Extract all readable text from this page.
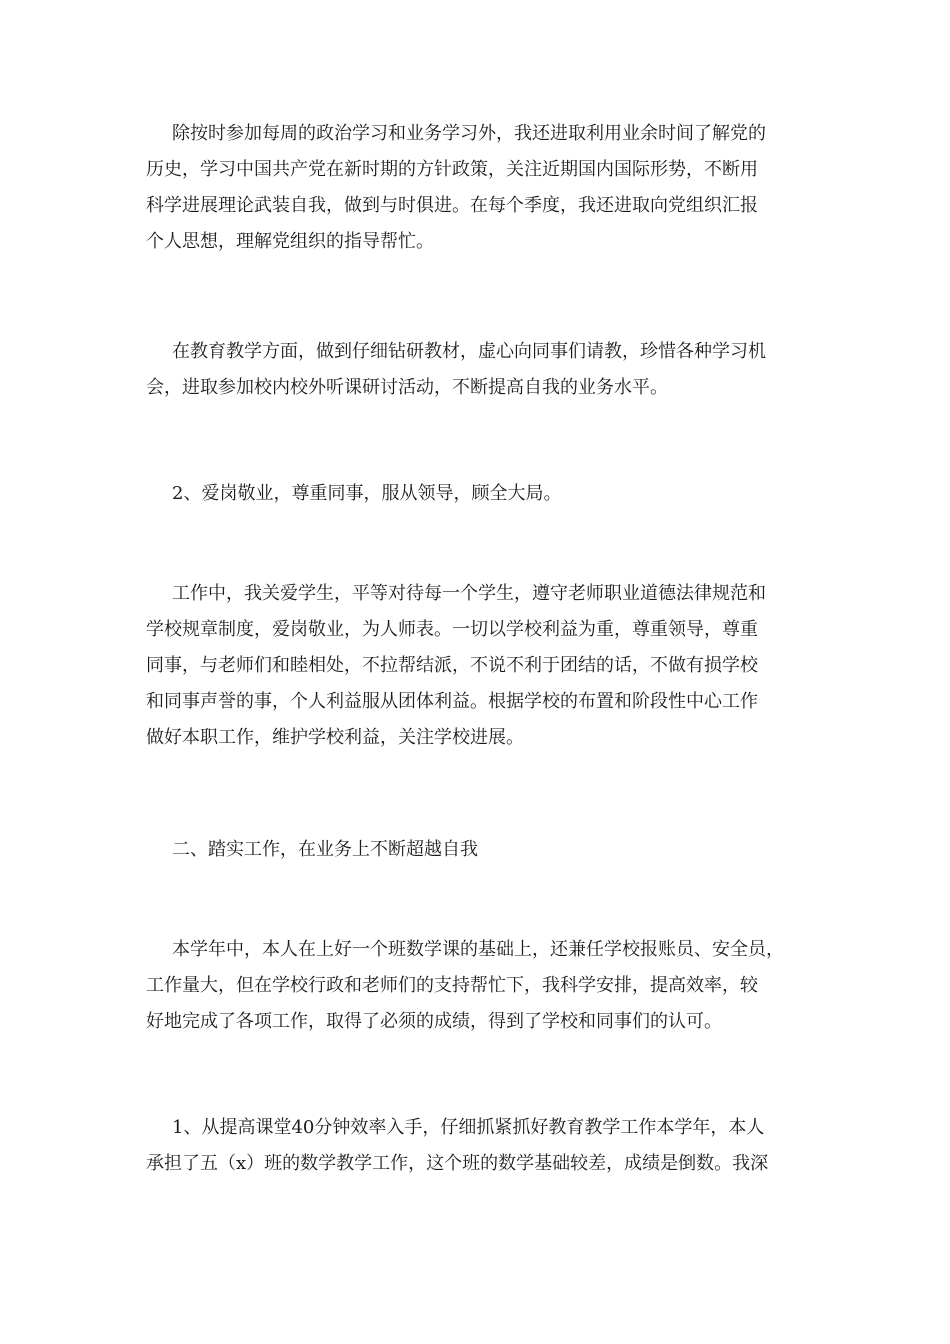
除按时参加每周的政治学习和业务学习外，我还进取利用业余时间了解党的
历史，学习中国共产党在新时期的方针政策，关注近期国内国际形势，不断用
科学进展理论武装自我，做到与时俱进。在每个季度，我还进取向党组织汇报
个人思想，理解党组织的指导帮忙。
在教育教学方面，做到仔细钻研教材，虚心向同事们请教，珍惜各种学习机
会，进取参加校内校外听课研讨活动，不断提高自我的业务水平。
2、爱岗敬业，尊重同事，服从领导，顾全大局。
工作中，我关爱学生，平等对待每一个学生，遵守老师职业道德法律规范和
学校规章制度，爱岗敬业，为人师表。一切以学校利益为重，尊重领导，尊重
同事，与老师们和睦相处，不拉帮结派，不说不利于团结的话，不做有损学校
和同事声誉的事，个人利益服从团体利益。根据学校的布置和阶段性中心工作
做好本职工作，维护学校利益，关注学校进展。
二、踏实工作，在业务上不断超越自我
本学年中，本人在上好一个班数学课的基础上，还兼任学校报账员、安全员，
工作量大，但在学校行政和老师们的支持帮忙下，我科学安排，提高效率，较
好地完成了各项工作，取得了必须的成绩，得到了学校和同事们的认可。
1、从提高课堂40分钟效率入手，仔细抓紧抓好教育教学工作本学年，本人
承担了五（x）班的数学教学工作，这个班的数学基础较差，成绩是倒数。我深
